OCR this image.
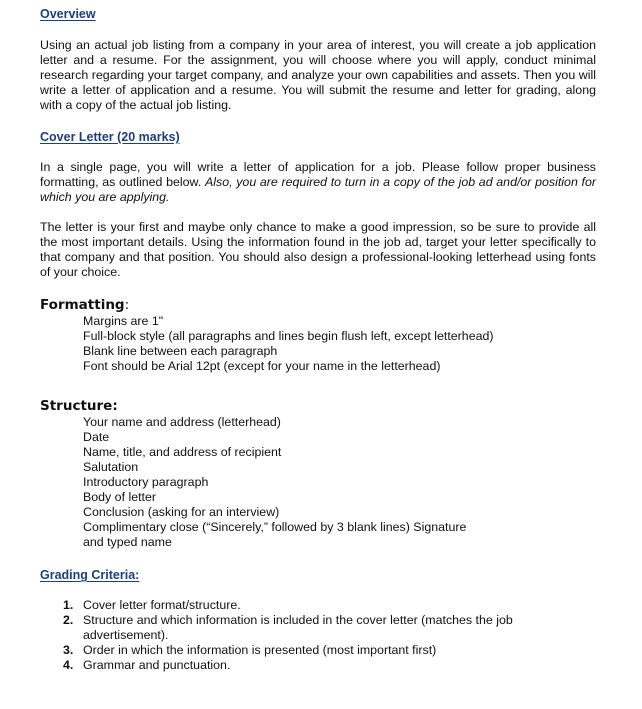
Overview

Using an actual job listing from a company in your area of interest, you will create a job application letter and a resume. For the assignment, you will choose where you will apply, conduct minimal research regarding your target company, and analyze your own capabilities and assets. Then you will write a letter of application and a resume. You will submit the resume and letter for grading, along with a copy of the actual job listing.

Cover Letter (20 marks)

In a single page, you will write a letter of application for a job. Please follow proper business formatting, as outlined below. Also, you are required to turn in a copy of the job ad and/or position for which you are applying.

The letter is your first and maybe only chance to make a good impression, so be sure to provide all the most important details. Using the information found in the job ad, target your letter specifically to that company and that position. You should also design a professional-looking letterhead using fonts of your choice.

Formatting:

Margins are 1"
Full-block style (all paragraphs and lines begin flush left, except letterhead)
Blank line between each paragraph
Font should be Arial 12pt (except for your name in the letterhead)

Structure:

Your name and address (letterhead)
Date
Name, title, and address of recipient
Salutation
Introductory paragraph
Body of letter
Conclusion (asking for an interview)
Complimentary close (“Sincerely,” followed by 3 blank lines) Signature
and typed name

Grading Criteria:

1. Cover letter format/structure.
2. Structure and which information is included in the cover letter (matches the job advertisement).
3. Order in which the information is presented (most important first)
4. Grammar and punctuation.
